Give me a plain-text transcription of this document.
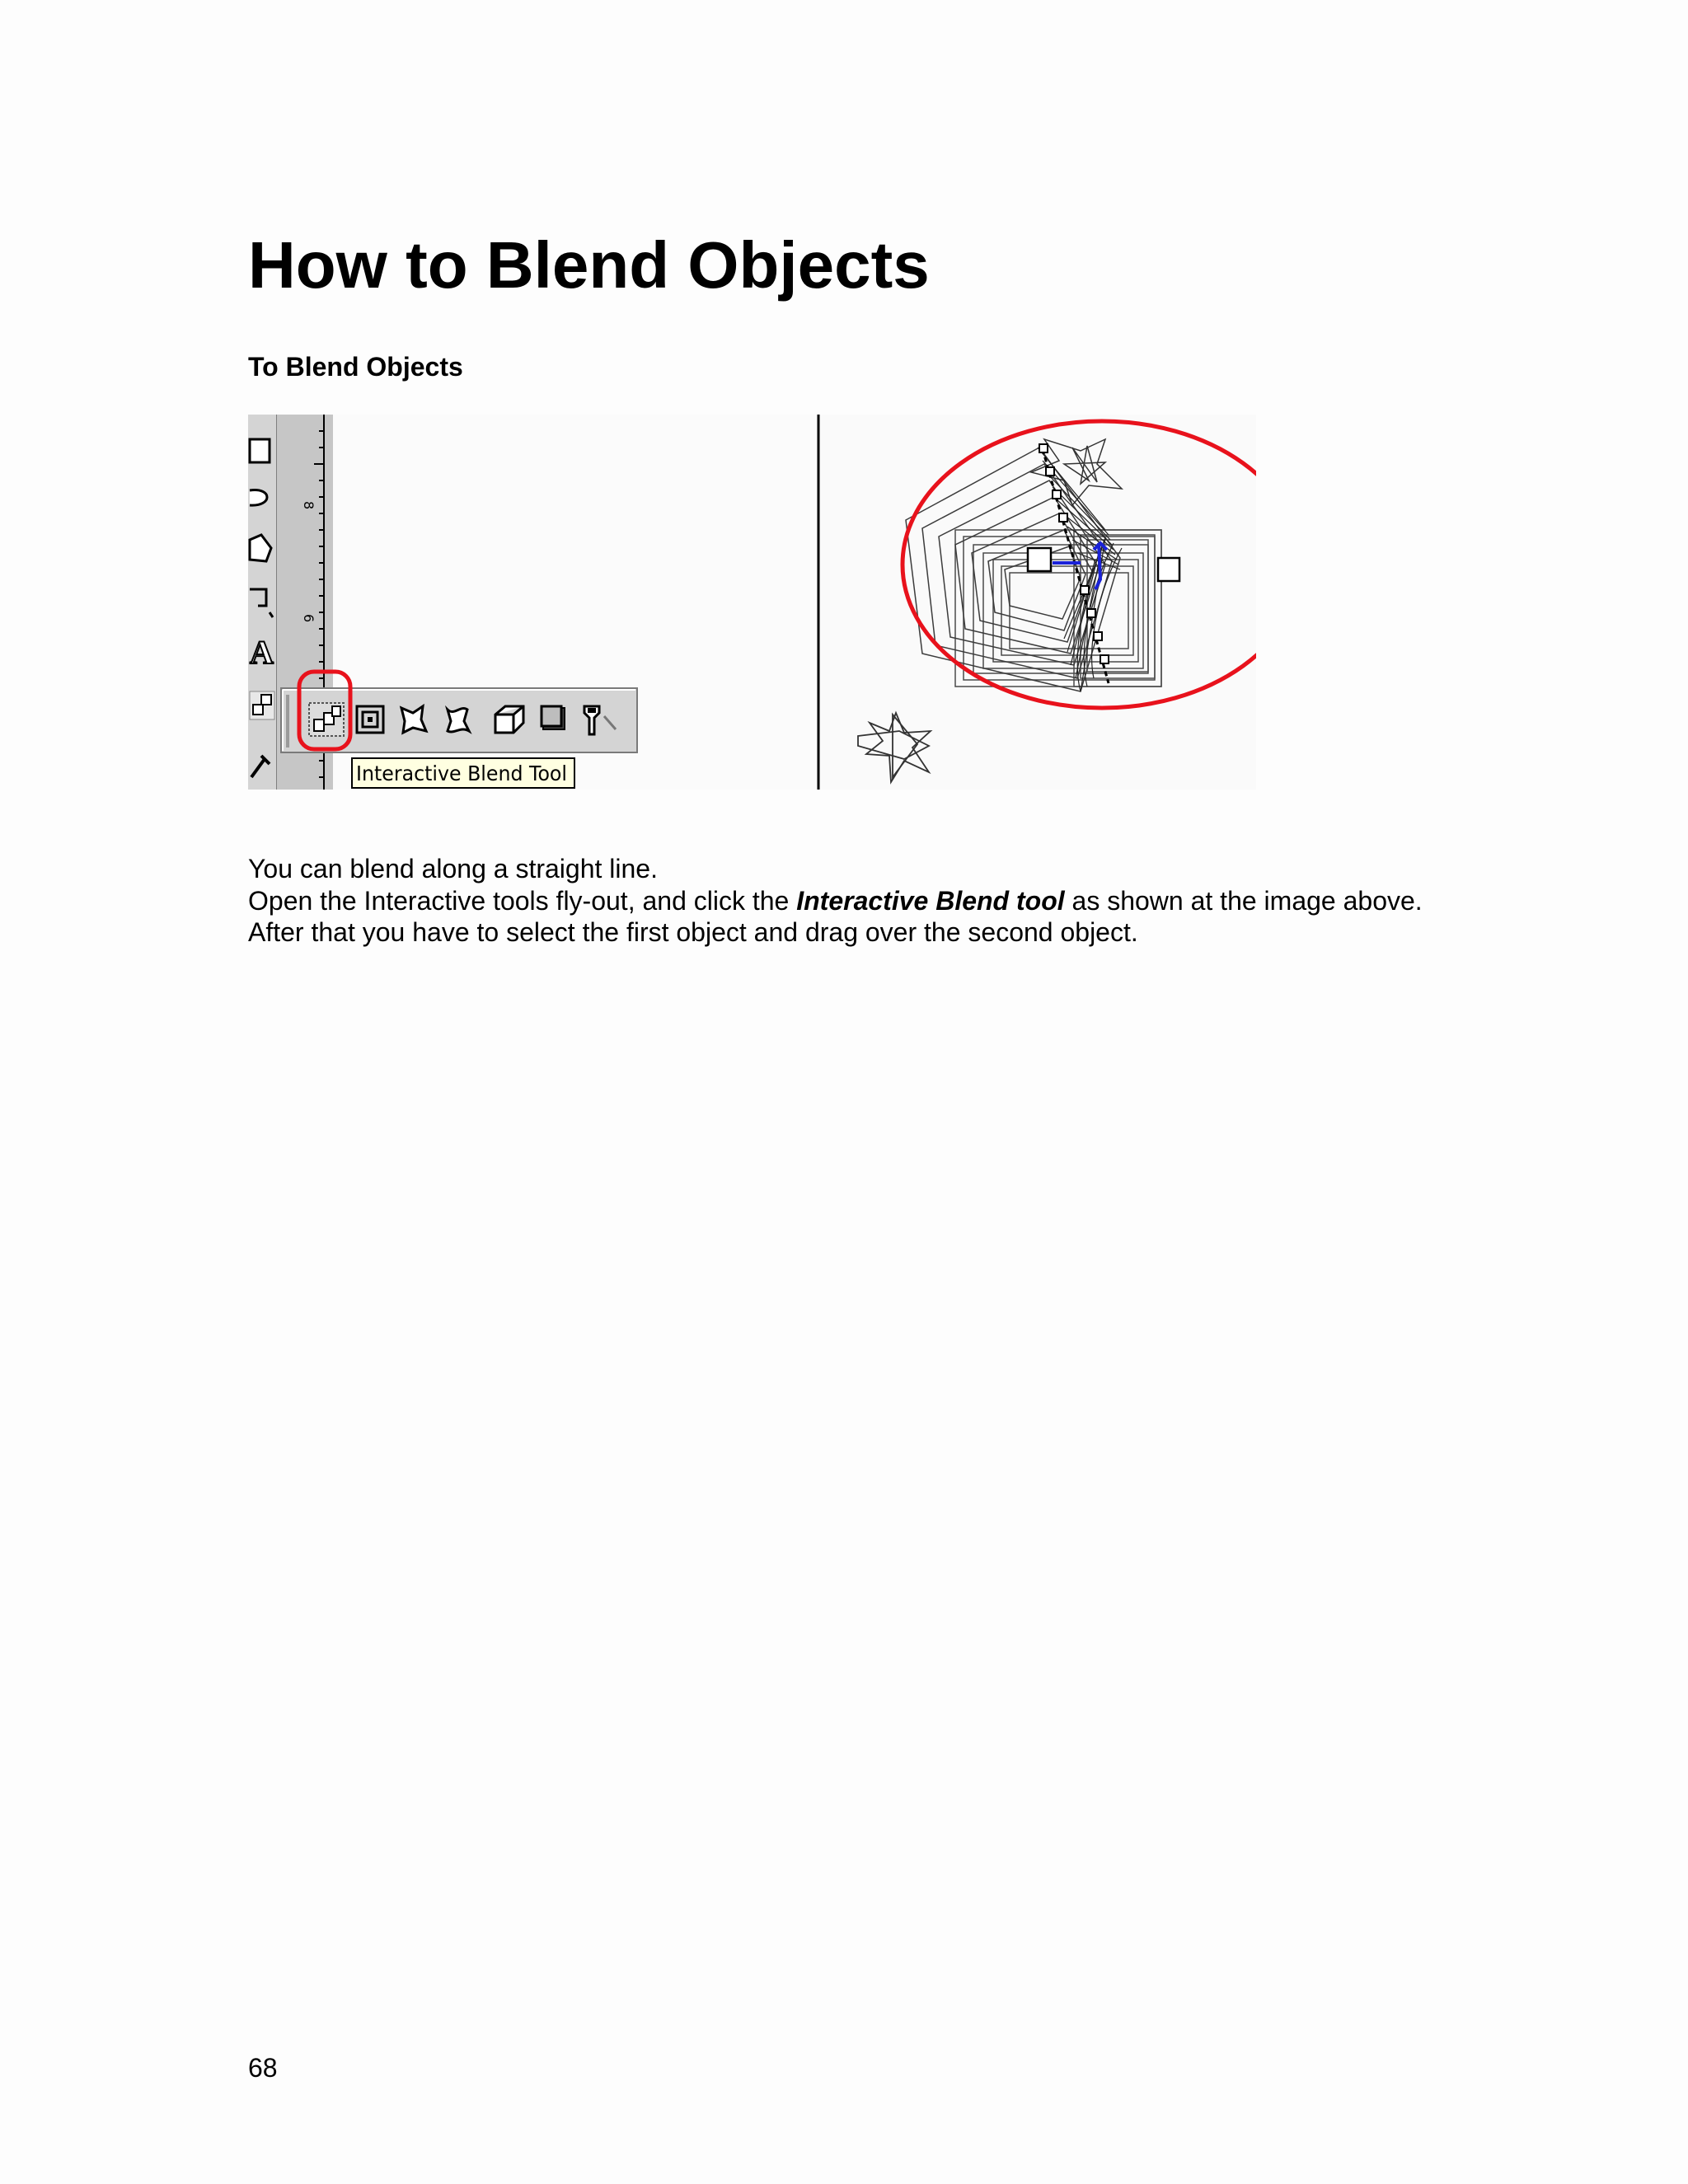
How to Blend Objects
To Blend Objects
A
8
6
Interactive Blend Tool

You can blend along a straight line.

Open the Interactive tools fly-out, and click the Interactive Blend tool as shown at the image above.

After that you have to select the first object and drag over the second object.

68
